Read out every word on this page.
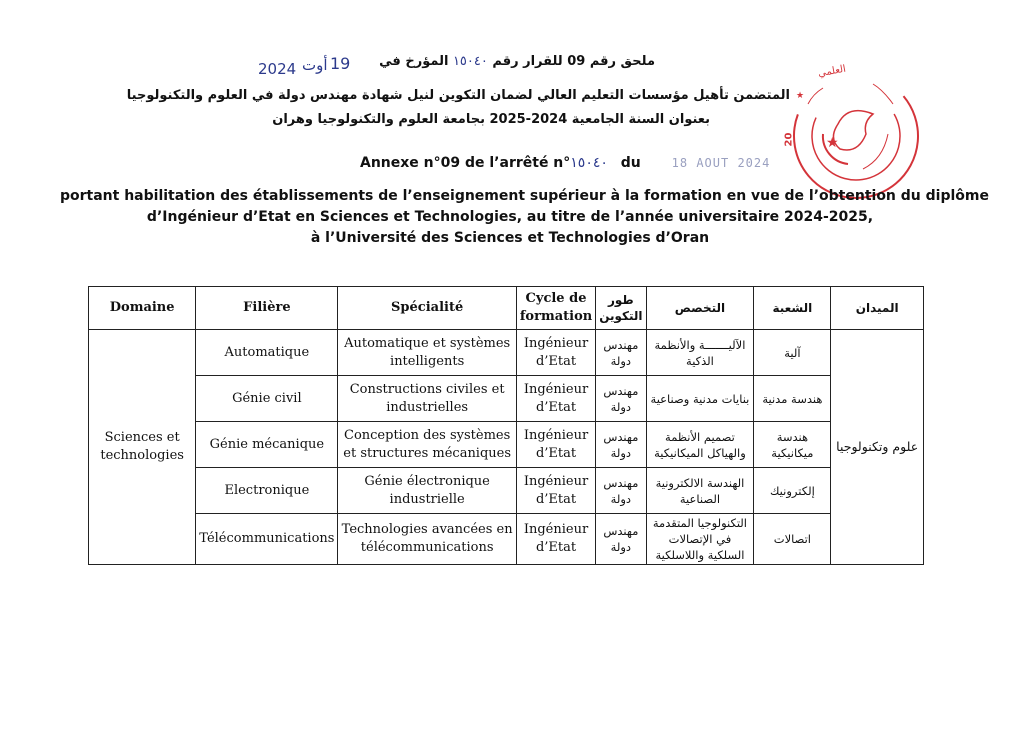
2024 أوت 19	ملحق رقم 09 للقرار رقم ١٥٠٤٠ المؤرخ في
المتضمن تأهيل مؤسسات التعليم العالي لضمان التكوين لنيل شهادة مهندس دولة في العلوم والتكنولوجيا
بعنوان السنة الجامعية 2024-2025 بجامعة العلوم والتكنولوجيا وهران
★
★
العلمي
20
Annexe n°09 de l’arrêté n°١٥٠٤٠ du	18 AOUT 2024
portant habilitation des établissements de l’enseignement supérieur à la formation en vue de l’obtention du diplôme
d’Ingénieur d’Etat en Sciences et Technologies, au titre de l’année universitaire 2024-2025,
à l’Université des Sciences et Technologies d’Oran
Domaine	Filière	Spécialité	Cycle de formation	طور التكوين	التخصص	الشعبة	الميدان
Sciences et technologies	Automatique	Automatique et systèmes intelligents	Ingénieur d’Etat	مهندس دولة	الآليـــــــة والأنظمة الذكية	آلية	علوم وتكنولوجيا
	Génie civil	Constructions civiles et industrielles	Ingénieur d’Etat	مهندس دولة	بنايات مدنية وصناعية	هندسة مدنية	
	Génie mécanique	Conception des systèmes et structures mécaniques	Ingénieur d’Etat	مهندس دولة	تصميم الأنظمة والهياكل الميكانيكية	هندسة ميكانيكية	
	Electronique	Génie électronique industrielle	Ingénieur d’Etat	مهندس دولة	الهندسة الالكترونية الصناعية	إلكترونيك	
	Télécommunications	Technologies avancées en télécommunications	Ingénieur d’Etat	مهندس دولة	التكنولوجيا المتقدمة في الإتصالات السلكية واللاسلكية	اتصالات	
